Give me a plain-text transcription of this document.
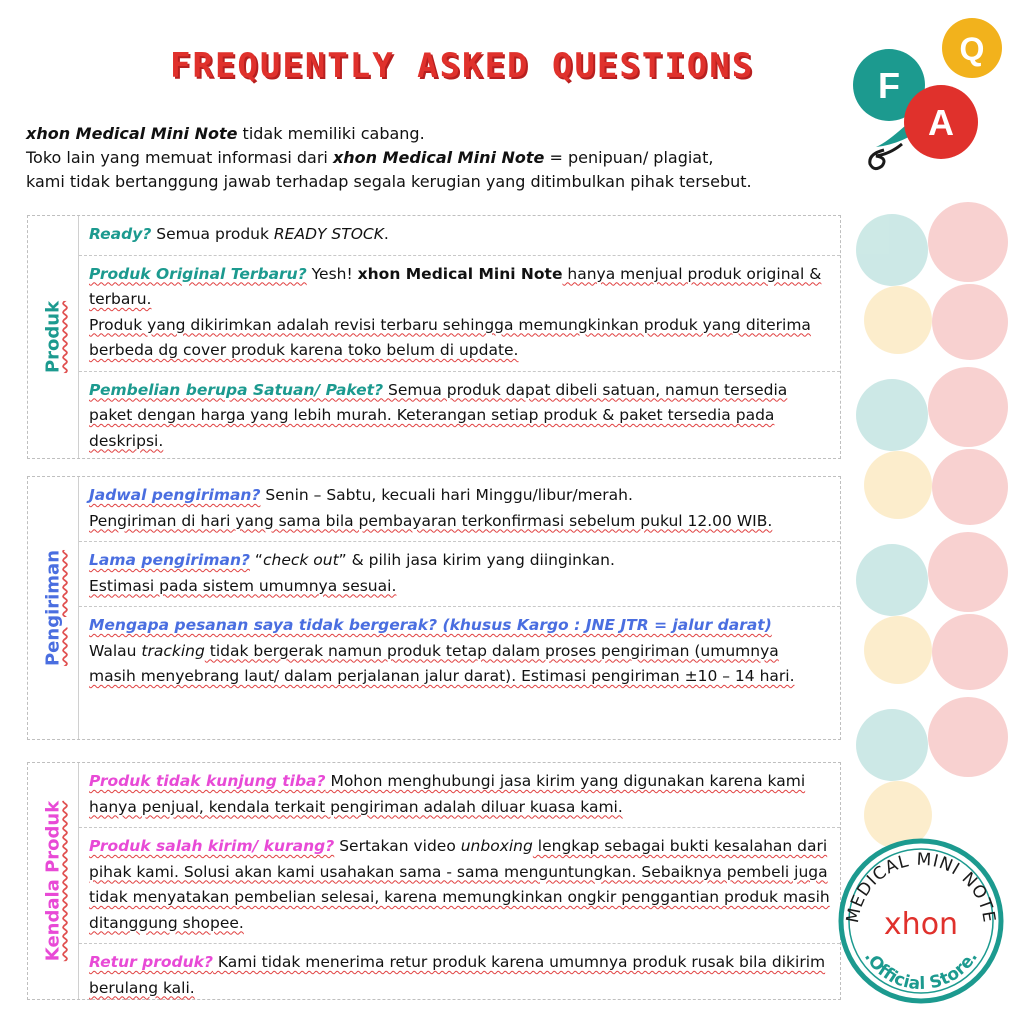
FREQUENTLY ASKED QUESTIONS	F
A
Q
xhon Medical Mini Note tidak memiliki cabang.
Toko lain yang memuat informasi dari xhon Medical Mini Note = penipuan/ plagiat,
kami tidak bertanggung jawab terhadap segala kerugian yang ditimbulkan pihak tersebut.
Produk
Ready? Semua produk READY STOCK.
Produk Original Terbaru? Yesh! xhon Medical Mini Note hanya menjual produk original & terbaru.
Produk yang dikirimkan adalah revisi terbaru sehingga memungkinkan produk yang diterima berbeda dg cover produk karena toko belum di update.
Pembelian berupa Satuan/ Paket? Semua produk dapat dibeli satuan, namun tersedia paket dengan harga yang lebih murah. Keterangan setiap produk & paket tersedia pada deskripsi.
Pengiriman
Jadwal pengiriman? Senin – Sabtu, kecuali hari Minggu/libur/merah.
Pengiriman di hari yang sama bila pembayaran terkonfirmasi sebelum pukul 12.00 WIB.
Lama pengiriman? “check out” & pilih jasa kirim yang diinginkan.
Estimasi pada sistem umumnya sesuai.
Mengapa pesanan saya tidak bergerak? (khusus Kargo : JNE JTR = jalur darat)
Walau tracking tidak bergerak namun produk tetap dalam proses pengiriman (umumnya masih menyebrang laut/ dalam perjalanan jalur darat). Estimasi pengiriman ±10 – 14 hari.
Kendala Produk
Produk tidak kunjung tiba? Mohon menghubungi jasa kirim yang digunakan karena kami hanya penjual, kendala terkait pengiriman adalah diluar kuasa kami.
Produk salah kirim/ kurang? Sertakan video unboxing lengkap sebagai bukti kesalahan dari pihak kami. Solusi akan kami usahakan sama - sama menguntungkan. Sebaiknya pembeli juga tidak menyatakan pembelian selesai, karena memungkinkan ongkir penggantian produk masih ditanggung shopee.
Retur produk? Kami tidak menerima retur produk karena umumnya produk rusak bila dikirim berulang kali.
MEDICAL MINI NOTE
xhon
.Official Store.
